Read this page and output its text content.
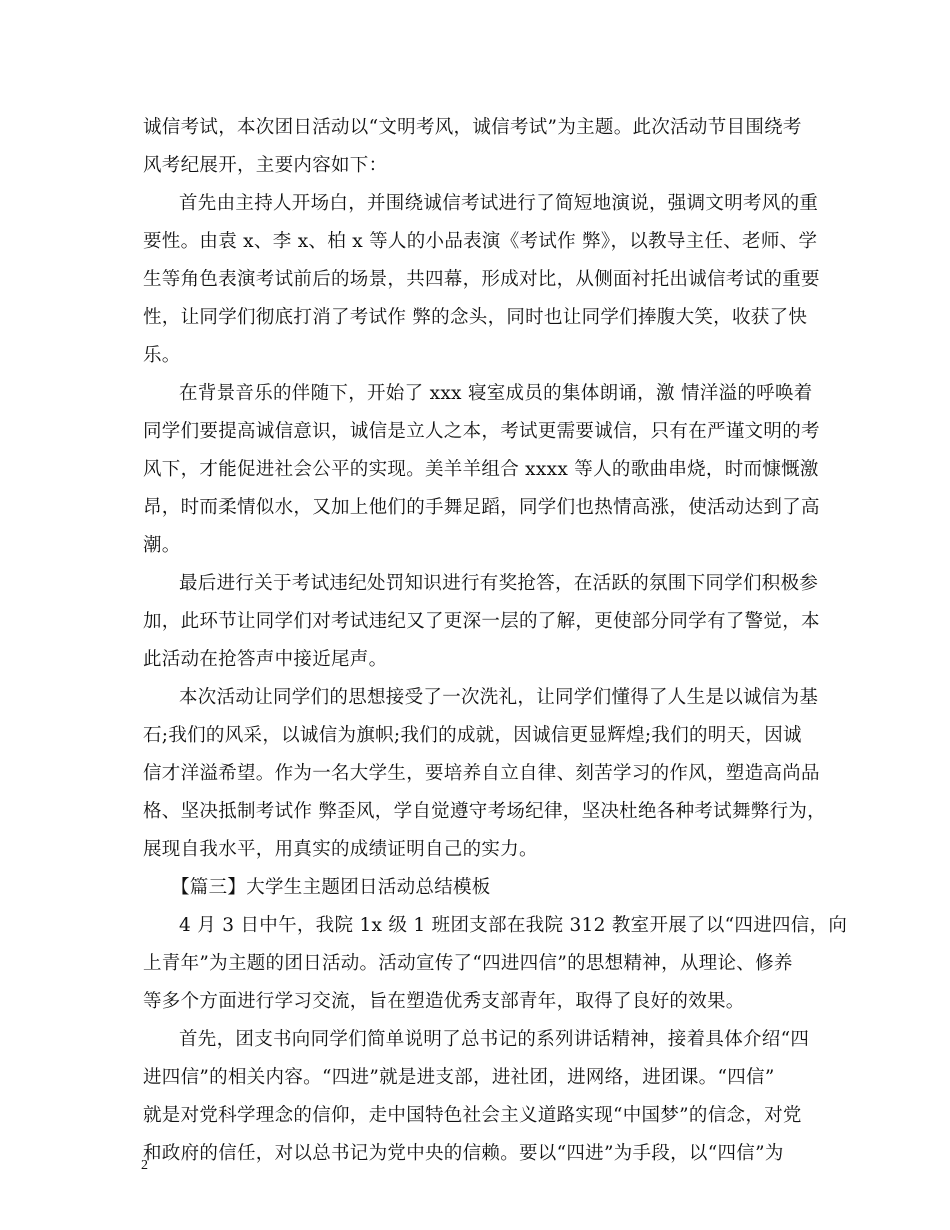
诚信考试，本次团日活动以“文明考风，诚信考试”为主题。此次活动节目围绕考
风考纪展开，主要内容如下：
首先由主持人开场白，并围绕诚信考试进行了简短地演说，强调文明考风的重
要性。由袁 x、李 x、柏 x 等人的小品表演《考试作 弊》，以教导主任、老师、学
生等角色表演考试前后的场景，共四幕，形成对比，从侧面衬托出诚信考试的重要
性，让同学们彻底打消了考试作 弊的念头，同时也让同学们捧腹大笑，收获了快
乐。
在背景音乐的伴随下，开始了 xxx 寝室成员的集体朗诵，激 情洋溢的呼唤着
同学们要提高诚信意识，诚信是立人之本，考试更需要诚信，只有在严谨文明的考
风下，才能促进社会公平的实现。美羊羊组合 xxxx 等人的歌曲串烧，时而慷慨激
昂，时而柔情似水，又加上他们的手舞足蹈，同学们也热情高涨，使活动达到了高
潮。
最后进行关于考试违纪处罚知识进行有奖抢答，在活跃的氛围下同学们积极参
加，此环节让同学们对考试违纪又了更深一层的了解，更使部分同学有了警觉，本
此活动在抢答声中接近尾声。
本次活动让同学们的思想接受了一次洗礼，让同学们懂得了人生是以诚信为基
石;我们的风采，以诚信为旗帜;我们的成就，因诚信更显辉煌;我们的明天，因诚
信才洋溢希望。作为一名大学生，要培养自立自律、刻苦学习的作风，塑造高尚品
格、坚决抵制考试作 弊歪风，学自觉遵守考场纪律，坚决杜绝各种考试舞弊行为，
展现自我水平，用真实的成绩证明自己的实力。
【篇三】大学生主题团日活动总结模板
4 月 3 日中午，我院 1x 级 1 班团支部在我院 312 教室开展了以“四进四信，向
上青年”为主题的团日活动。活动宣传了“四进四信”的思想精神，从理论、修养
等多个方面进行学习交流，旨在塑造优秀支部青年，取得了良好的效果。
首先，团支书向同学们简单说明了总书记的系列讲话精神，接着具体介绍“四
进四信”的相关内容。“四进”就是进支部，进社团，进网络，进团课。“四信”
就是对党科学理念的信仰，走中国特色社会主义道路实现“中国梦”的信念，对党
和政府的信任，对以总书记为党中央的信赖。要以“四进”为手段，以“四信”为
2
